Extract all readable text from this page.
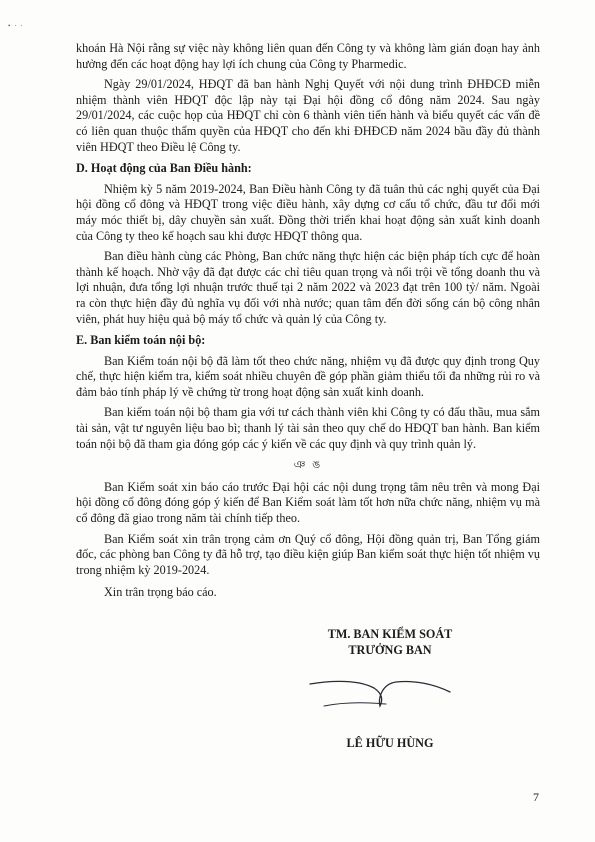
• · ·

khoán Hà Nội rằng sự việc này không liên quan đến Công ty và không làm gián đoạn hay ảnh hưởng đến các hoạt động hay lợi ích chung của Công ty Pharmedic.

Ngày 29/01/2024, HĐQT đã ban hành Nghị Quyết với nội dung trình ĐHĐCĐ miễn nhiệm thành viên HĐQT độc lập này tại Đại hội đồng cổ đông năm 2024. Sau ngày 29/01/2024, các cuộc họp của HĐQT chỉ còn 6 thành viên tiến hành và biểu quyết các vấn đề có liên quan thuộc thẩm quyền của HĐQT cho đến khi ĐHĐCĐ năm 2024 bầu đầy đủ thành viên HĐQT theo Điều lệ Công ty.

D. Hoạt động của Ban Điều hành:

Nhiệm kỳ 5 năm 2019-2024, Ban Điều hành Công ty đã tuân thủ các nghị quyết của Đại hội đồng cổ đông và HĐQT trong việc điều hành, xây dựng cơ cấu tổ chức, đầu tư đổi mới máy móc thiết bị, dây chuyền sản xuất. Đồng thời triển khai hoạt động sản xuất kinh doanh của Công ty theo kế hoạch sau khi được HĐQT thông qua.

Ban điều hành cùng các Phòng, Ban chức năng thực hiện các biện pháp tích cực để hoàn thành kế hoạch. Nhờ vậy đã đạt được các chỉ tiêu quan trọng và nổi trội về tổng doanh thu và lợi nhuận, đưa tổng lợi nhuận trước thuế tại 2 năm 2022 và 2023 đạt trên 100 tỷ/ năm. Ngoài ra còn thực hiện đầy đủ nghĩa vụ đối với nhà nước; quan tâm đến đời sống cán bộ công nhân viên, phát huy hiệu quả bộ máy tổ chức và quản lý của Công ty.

E. Ban kiểm toán nội bộ:

Ban Kiểm toán nội bộ đã làm tốt theo chức năng, nhiệm vụ đã được quy định trong Quy chế, thực hiện kiểm tra, kiểm soát nhiều chuyên đề góp phần giảm thiểu tối đa những rủi ro và đảm bảo tính pháp lý về chứng từ trong hoạt động sản xuất kinh doanh.

Ban kiểm toán nội bộ tham gia với tư cách thành viên khi Công ty có đấu thầu, mua sắm tài sản, vật tư nguyên liệu bao bì; thanh lý tài sản theo quy chế do HĐQT ban hành. Ban kiểm toán nội bộ đã tham gia đóng góp các ý kiến về các quy định và quy trình quản lý.

ঞ ঙ

Ban Kiểm soát xin báo cáo trước Đại hội các nội dung trọng tâm nêu trên và mong Đại hội đồng cổ đông đóng góp ý kiến để Ban Kiểm soát làm tốt hơn nữa chức năng, nhiệm vụ mà cổ đông đã giao trong năm tài chính tiếp theo.

Ban Kiểm soát xin trân trọng cảm ơn Quý cổ đông, Hội đồng quản trị, Ban Tổng giám đốc, các phòng ban Công ty đã hỗ trợ, tạo điều kiện giúp Ban kiểm soát thực hiện tốt nhiệm vụ trong nhiệm kỳ 2019-2024.

Xin trân trọng báo cáo.

TM. BAN KIỂM SOÁT
TRƯỞNG BAN
LÊ HỮU HÙNG
7
